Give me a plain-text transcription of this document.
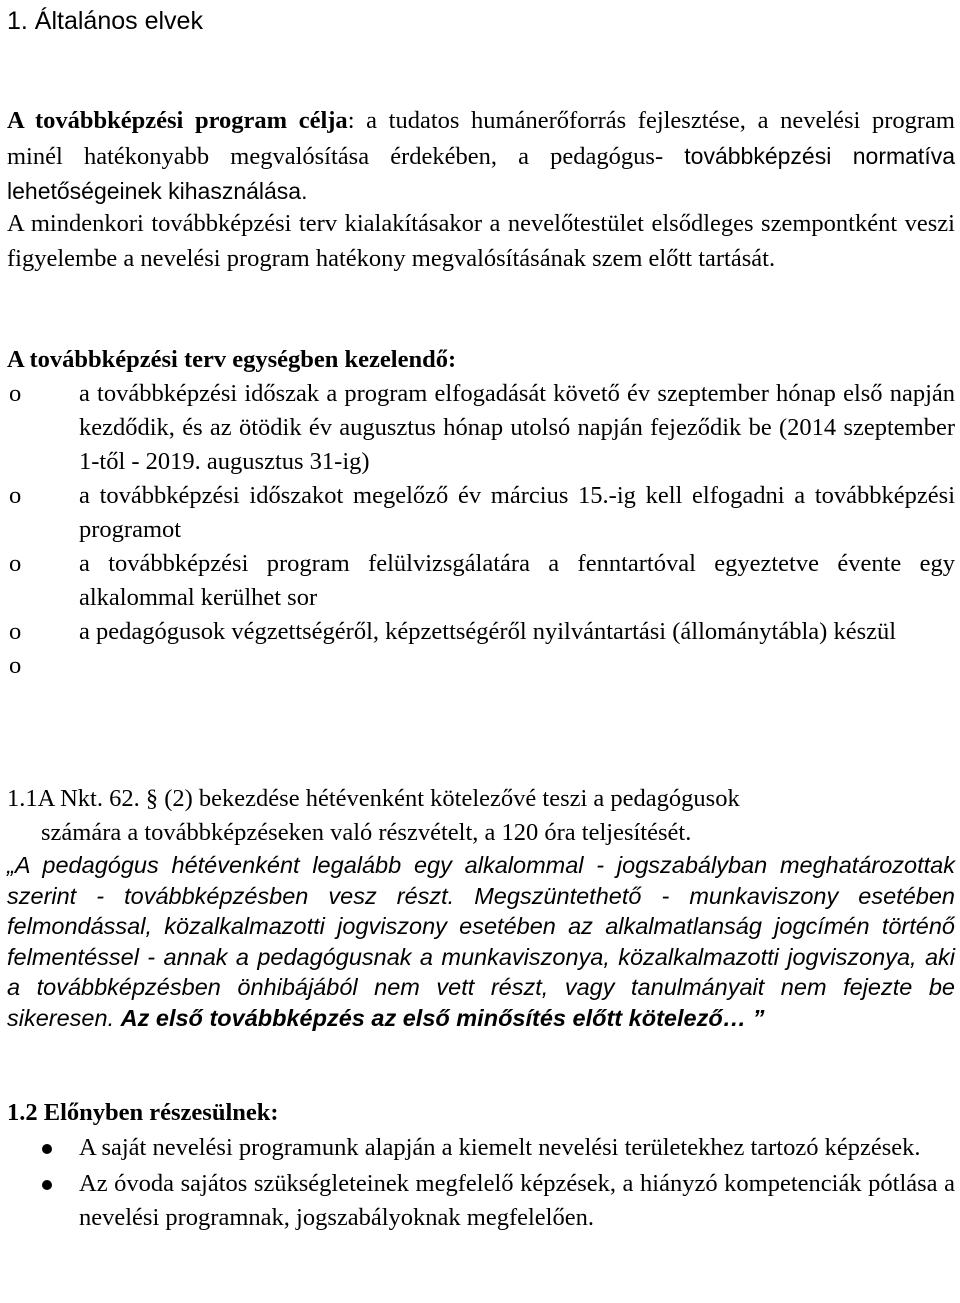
1. Általános elvek
A továbbképzési program célja: a tudatos humánerőforrás fejlesztése, a nevelési program minél hatékonyabb megvalósítása érdekében, a pedagógus- továbbképzési normatíva lehetőségeinek kihasználása.
A mindenkori továbbképzési terv kialakításakor a nevelőtestület elsődleges szempontként veszi figyelembe a nevelési program hatékony megvalósításának szem előtt tartását.
A továbbképzési terv egységben kezelendő:
o a továbbképzési időszak a program elfogadását követő év szeptember hónap első napján kezdődik, és az ötödik év augusztus hónap utolsó napján fejeződik be (2014 szeptember 1-től - 2019. augusztus 31-ig)
o a továbbképzési időszakot megelőző év március 15.-ig kell elfogadni a továbbképzési programot
o a továbbképzési program felülvizsgálatára a fenntartóval egyeztetve évente egy alkalommal kerülhet sor
o a pedagógusok végzettségéről, képzettségéről nyilvántartási (állománytábla) készül
o

1.1A Nkt. 62. § (2) bekezdése hétévenként kötelezővé teszi a pedagógusok
számára a továbbképzéseken való részvételt, a 120 óra teljesítését.
„A pedagógus hétévenként legalább egy alkalommal - jogszabályban meghatározottak szerint - továbbképzésben vesz részt. Megszüntethető - munkaviszony esetében felmondással, közalkalmazotti jogviszony esetében az alkalmatlanság jogcímén történő felmentéssel - annak a pedagógusnak a munkaviszonya, közalkalmazotti jogviszonya, aki a továbbképzésben önhibájából nem vett részt, vagy tanulmányait nem fejezte be sikeresen. Az első továbbképzés az első minősítés előtt kötelező… ”
1.2 Előnyben részesülnek:
A saját nevelési programunk alapján a kiemelt nevelési területekhez tartozó képzések.
Az óvoda sajátos szükségleteinek megfelelő képzések, a hiányzó kompetenciák pótlása a nevelési programnak, jogszabályoknak megfelelően.
